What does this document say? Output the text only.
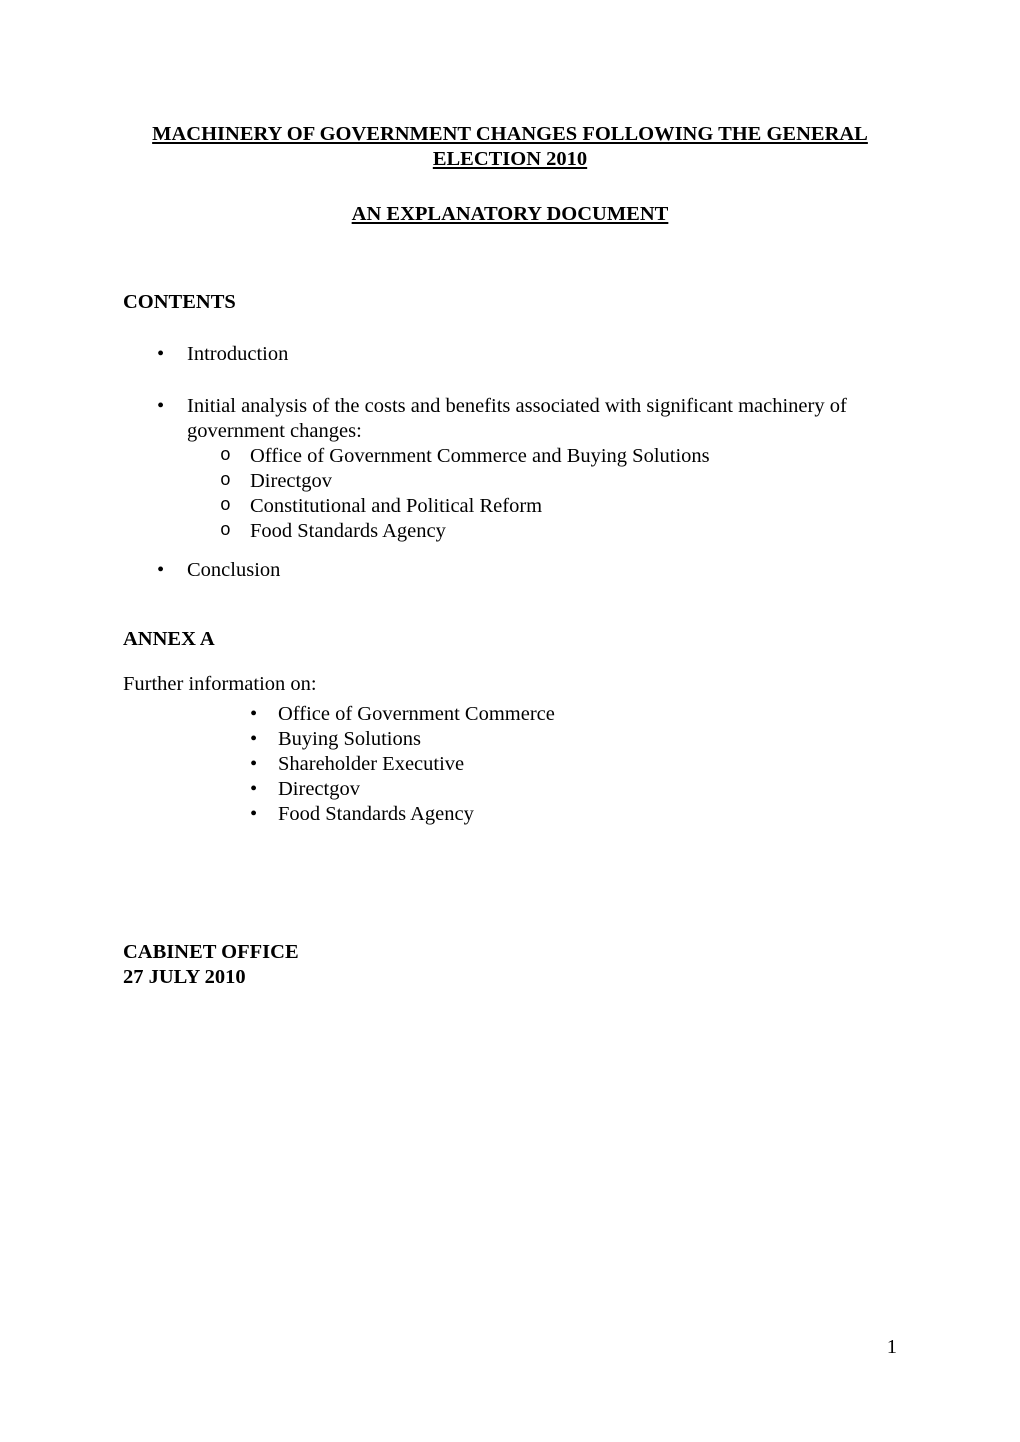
MACHINERY OF GOVERNMENT CHANGES FOLLOWING THE GENERAL
ELECTION 2010
AN EXPLANATORY DOCUMENT
CONTENTS
• Introduction
• Initial analysis of the costs and benefits associated with significant machinery of
government changes:
o Office of Government Commerce and Buying Solutions
o Directgov
o Constitutional and Political Reform
o Food Standards Agency
• Conclusion
ANNEX A
Further information on:
• Office of Government Commerce
• Buying Solutions
• Shareholder Executive
• Directgov
• Food Standards Agency
CABINET OFFICE
27 JULY 2010
1
